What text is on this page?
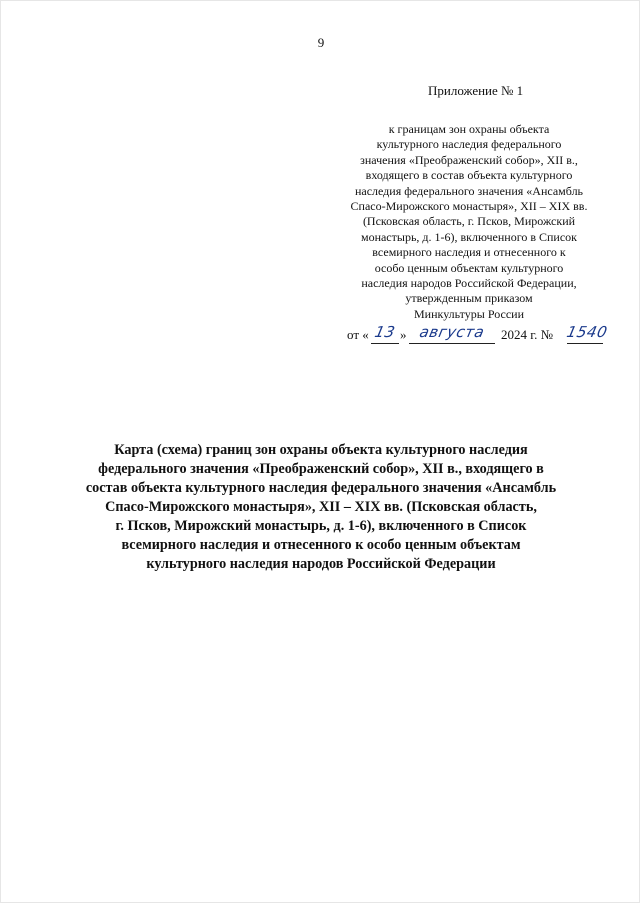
9
Приложение № 1
к границам зон охраны объекта
культурного наследия федерального
значения «Преображенский собор», XII в.,
входящего в состав объекта культурного
наследия федерального значения «Ансамбль
Спасо-Мирожского монастыря», XII – XIX вв.
(Псковская область, г. Псков, Мирожский
монастырь, д. 1-6), включенного в Список
всемирного наследия и отнесенного к
особо ценным объектам культурного
наследия народов Российской Федерации,
утвержденным приказом
Минкультуры России
от « 13 » августа	2024 г. № 1540
Карта (схема) границ зон охраны объекта культурного наследия
федерального значения «Преображенский собор», XII в., входящего в
состав объекта культурного наследия федерального значения «Ансамбль
Спасо-Мирожского монастыря», XII – XIX вв. (Псковская область,
г. Псков, Мирожский монастырь, д. 1-6), включенного в Список
всемирного наследия и отнесенного к особо ценным объектам
культурного наследия народов Российской Федерации
